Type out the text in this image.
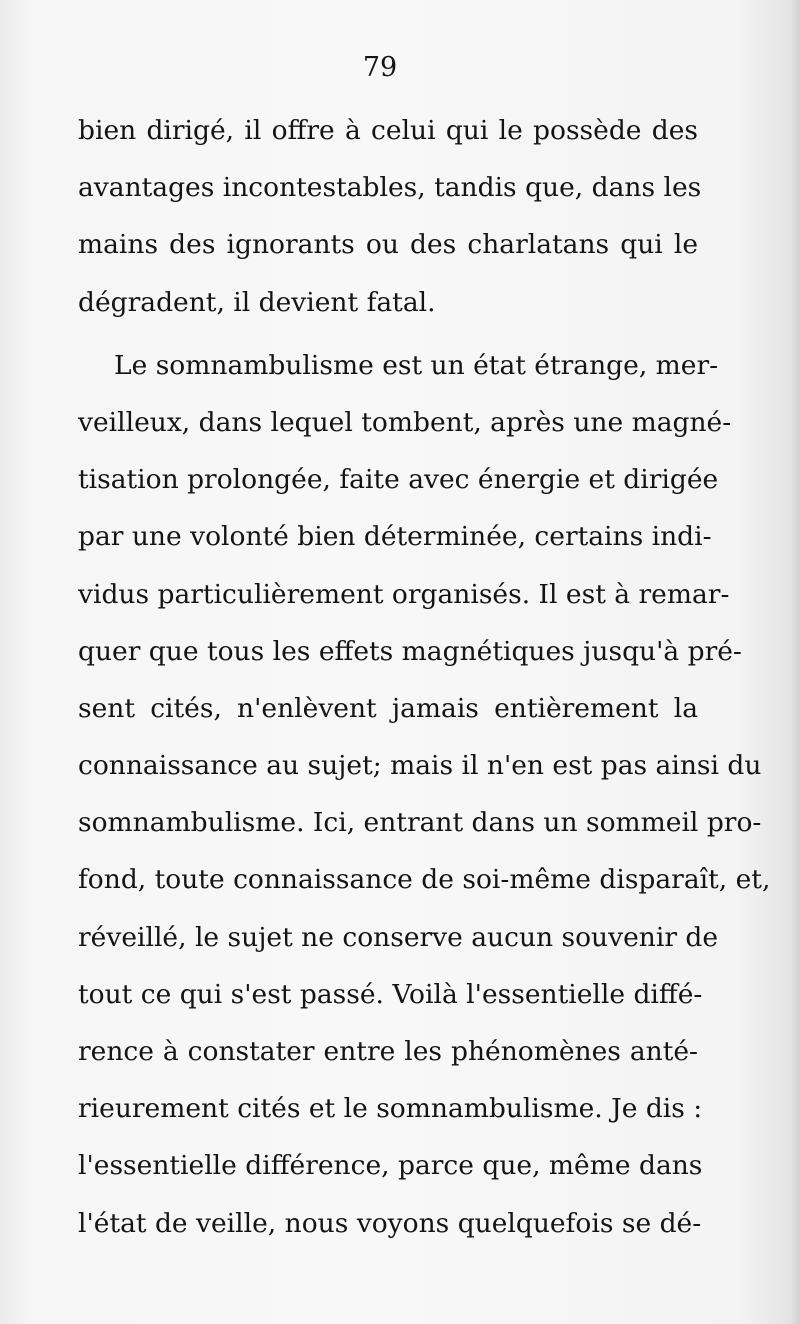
79
bien dirigé, il offre à celui qui le possède des
avantages incontestables, tandis que, dans les
mains des ignorants ou des charlatans qui le
dégradent, il devient fatal.
Le somnambulisme est un état étrange, mer-
veilleux, dans lequel tombent, après une magné-
tisation prolongée, faite avec énergie et dirigée
par une volonté bien déterminée, certains indi-
vidus particulièrement organisés. Il est à remar-
quer que tous les effets magnétiques jusqu'à pré-
sent cités, n'enlèvent jamais entièrement la
connaissance au sujet; mais il n'en est pas ainsi du
somnambulisme. Ici, entrant dans un sommeil pro-
fond, toute connaissance de soi-même disparaît, et,
réveillé, le sujet ne conserve aucun souvenir de
tout ce qui s'est passé. Voilà l'essentielle diffé-
rence à constater entre les phénomènes anté-
rieurement cités et le somnambulisme. Je dis :
l'essentielle différence, parce que, même dans
l'état de veille, nous voyons quelquefois se dé-
